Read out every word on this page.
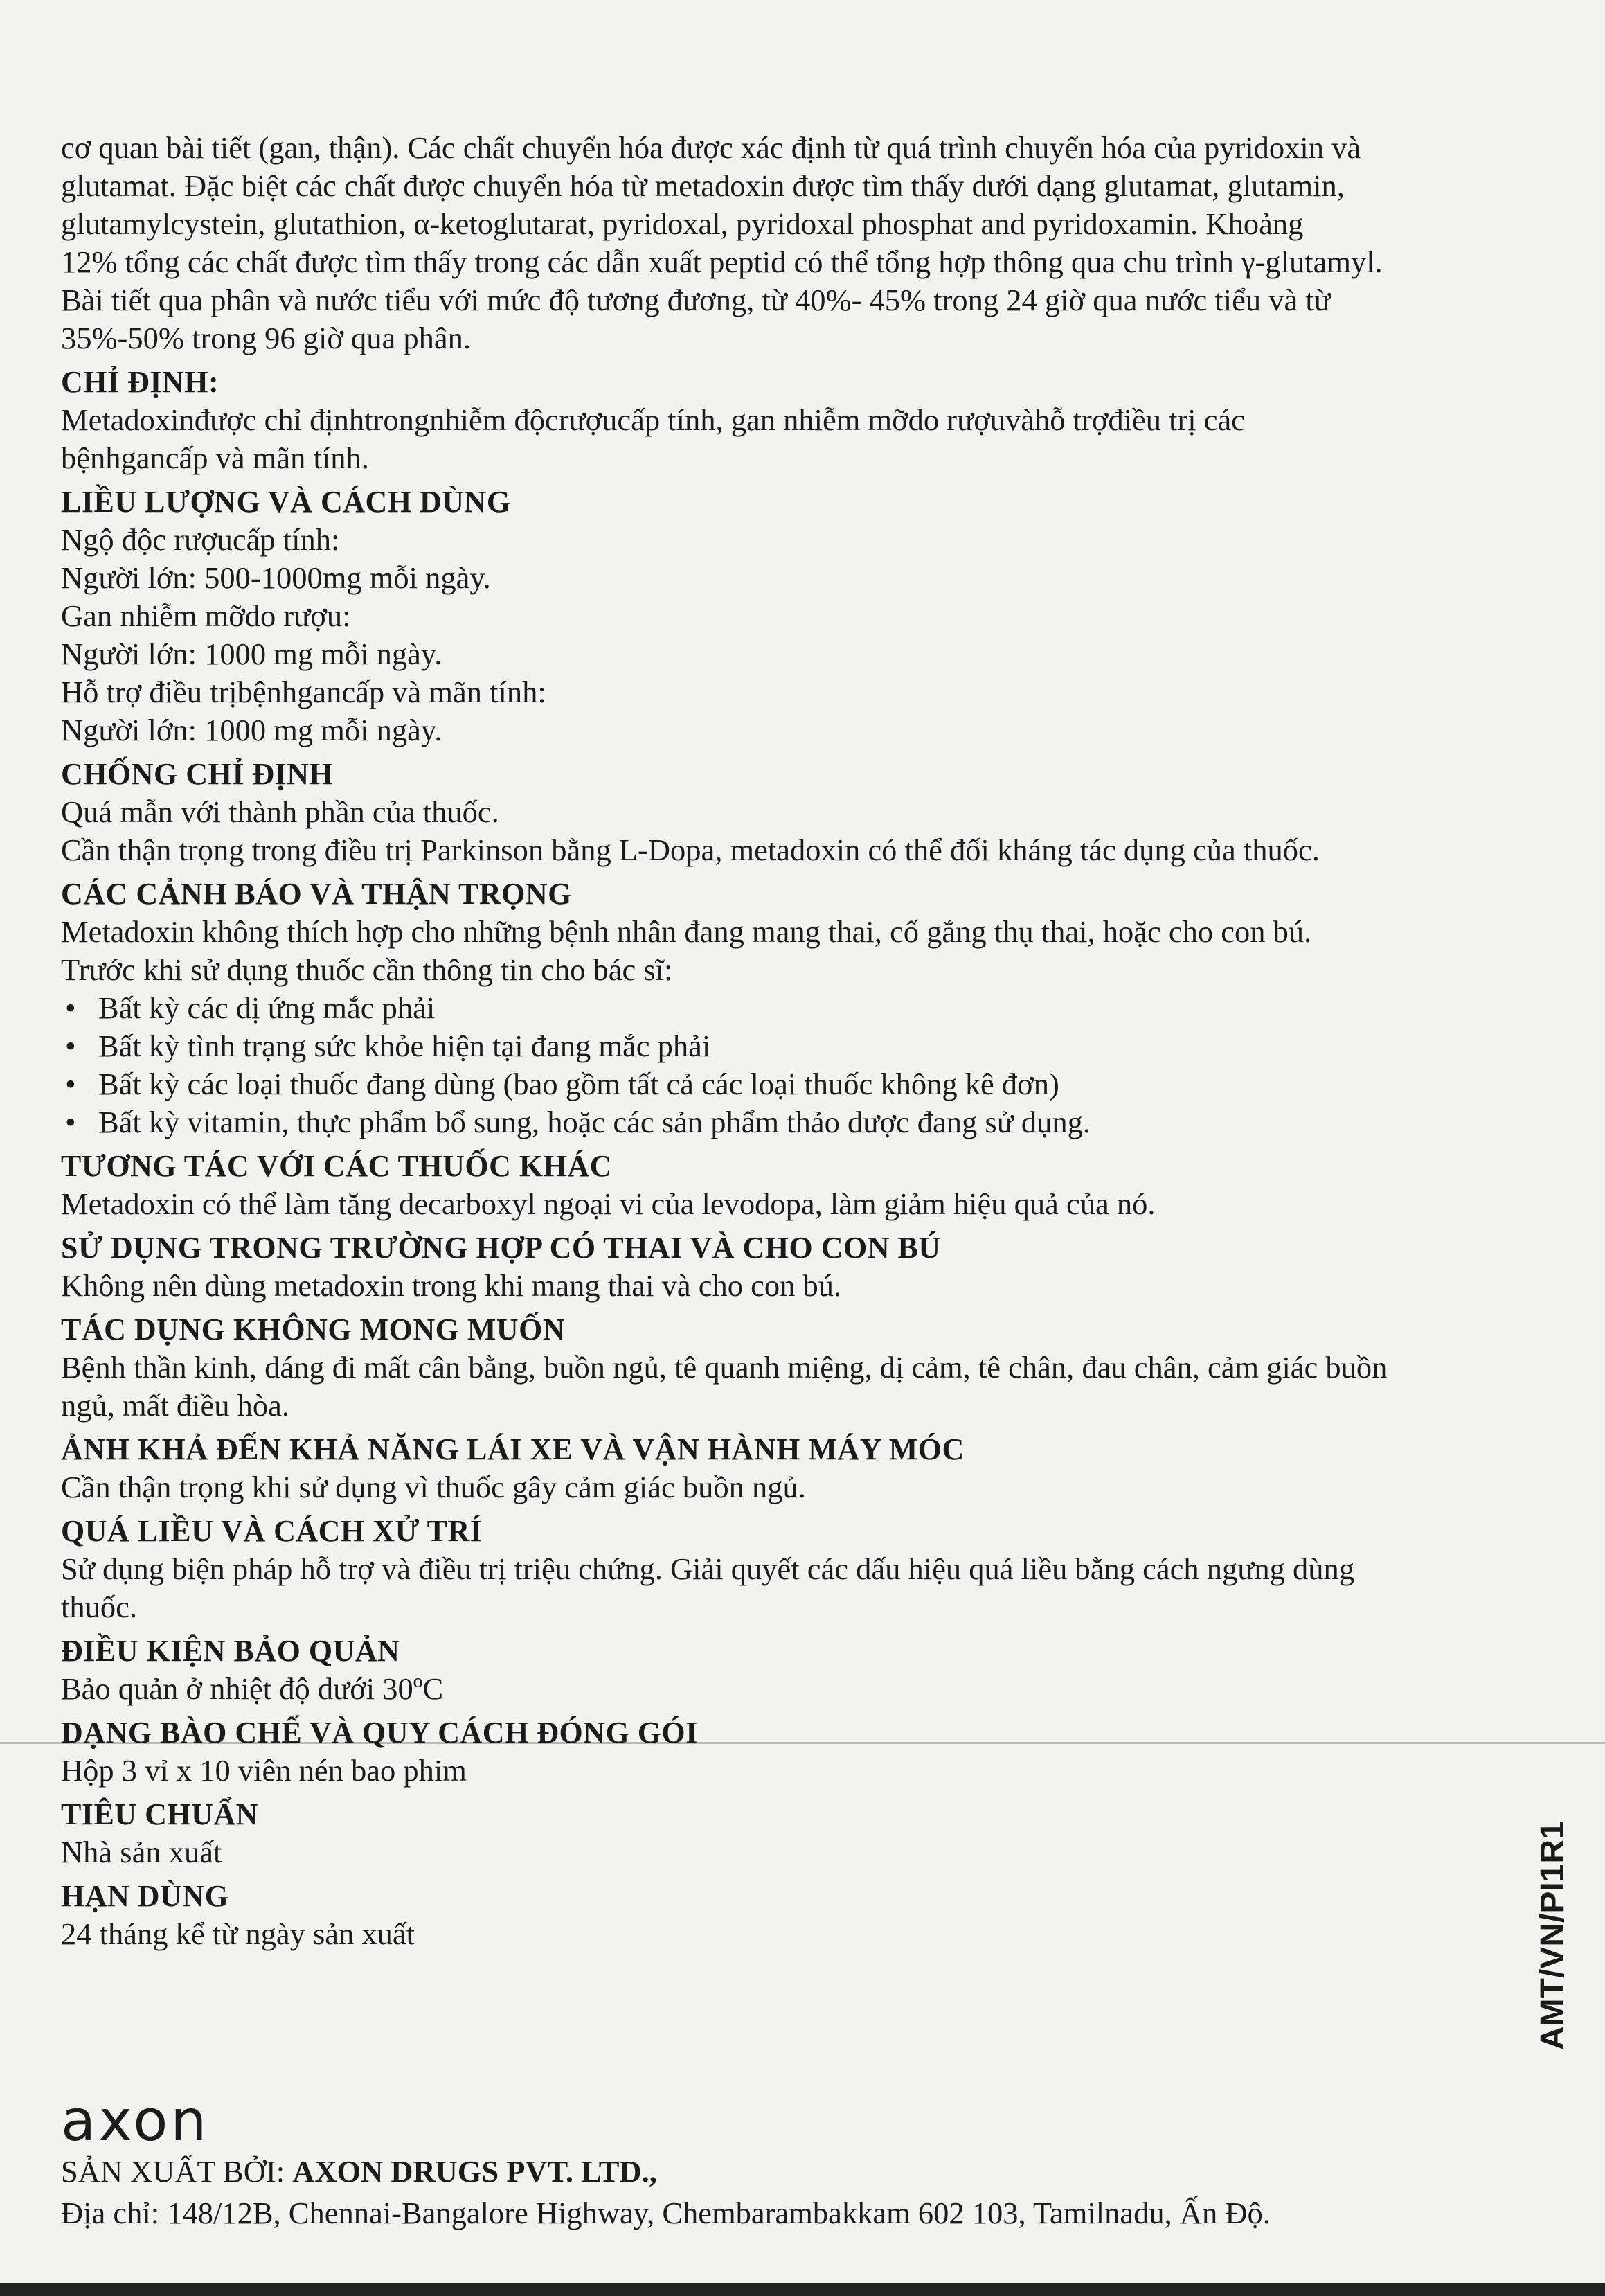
cơ quan bài tiết (gan, thận). Các chất chuyển hóa được xác định từ quá trình chuyển hóa của pyridoxin và

glutamat. Đặc biệt các chất được chuyển hóa từ metadoxin được tìm thấy dưới dạng glutamat, glutamin,

glutamylcystein, glutathion, α-ketoglutarat, pyridoxal, pyridoxal phosphat and pyridoxamin. Khoảng

12% tổng các chất được tìm thấy trong các dẫn xuất peptid có thể tổng hợp thông qua chu trình γ-glutamyl.

Bài tiết qua phân và nước tiểu với mức độ tương đương, từ 40%- 45% trong 24 giờ qua nước tiểu và từ

35%-50% trong 96 giờ qua phân.

CHỈ ĐỊNH:

Metadoxinđược chỉ địnhtrongnhiễm độcrượucấp tính, gan nhiễm mỡdo rượuvàhỗ trợđiều trị các

bệnhgancấp và mãn tính.

LIỀU LƯỢNG VÀ CÁCH DÙNG

Ngộ độc rượucấp tính:

Người lớn: 500-1000mg mỗi ngày.

Gan nhiễm mỡdo rượu:

Người lớn: 1000 mg mỗi ngày.

Hỗ trợ điều trịbệnhgancấp và mãn tính:

Người lớn: 1000 mg mỗi ngày.

CHỐNG CHỈ ĐỊNH

Quá mẫn với thành phần của thuốc.

Cần thận trọng trong điều trị Parkinson bằng L-Dopa, metadoxin có thể đối kháng tác dụng của thuốc.

CÁC CẢNH BÁO VÀ THẬN TRỌNG

Metadoxin không thích hợp cho những bệnh nhân đang mang thai, cố gắng thụ thai, hoặc cho con bú.

Trước khi sử dụng thuốc cần thông tin cho bác sĩ:

• Bất kỳ các dị ứng mắc phải
• Bất kỳ tình trạng sức khỏe hiện tại đang mắc phải
• Bất kỳ các loại thuốc đang dùng (bao gồm tất cả các loại thuốc không kê đơn)
• Bất kỳ vitamin, thực phẩm bổ sung, hoặc các sản phẩm thảo dược đang sử dụng.

TƯƠNG TÁC VỚI CÁC THUỐC KHÁC

Metadoxin có thể làm tăng decarboxyl ngoại vi của levodopa, làm giảm hiệu quả của nó.

SỬ DỤNG TRONG TRƯỜNG HỢP CÓ THAI VÀ CHO CON BÚ

Không nên dùng metadoxin trong khi mang thai và cho con bú.

TÁC DỤNG KHÔNG MONG MUỐN

Bệnh thần kinh, dáng đi mất cân bằng, buồn ngủ, tê quanh miệng, dị cảm, tê chân, đau chân, cảm giác buồn

ngủ, mất điều hòa.

ẢNH KHẢ ĐẾN KHẢ NĂNG LÁI XE VÀ VẬN HÀNH MÁY MÓC

Cần thận trọng khi sử dụng vì thuốc gây cảm giác buồn ngủ.

QUÁ LIỀU VÀ CÁCH XỬ TRÍ

Sử dụng biện pháp hỗ trợ và điều trị triệu chứng. Giải quyết các dấu hiệu quá liều bằng cách ngưng dùng

thuốc.

ĐIỀU KIỆN BẢO QUẢN

Bảo quản ở nhiệt độ dưới 30ºC

DẠNG BÀO CHẾ VÀ QUY CÁCH ĐÓNG GÓI

Hộp 3 vỉ x 10 viên nén bao phim

TIÊU CHUẨN

Nhà sản xuất

HẠN DÙNG

24 tháng kể từ ngày sản xuất

axon
SẢN XUẤT BỞI: AXON DRUGS PVT. LTD.,
Địa chỉ: 148/12B, Chennai-Bangalore Highway, Chembarambakkam 602 103, Tamilnadu, Ấn Độ.
AMT/VN/PI1R1
